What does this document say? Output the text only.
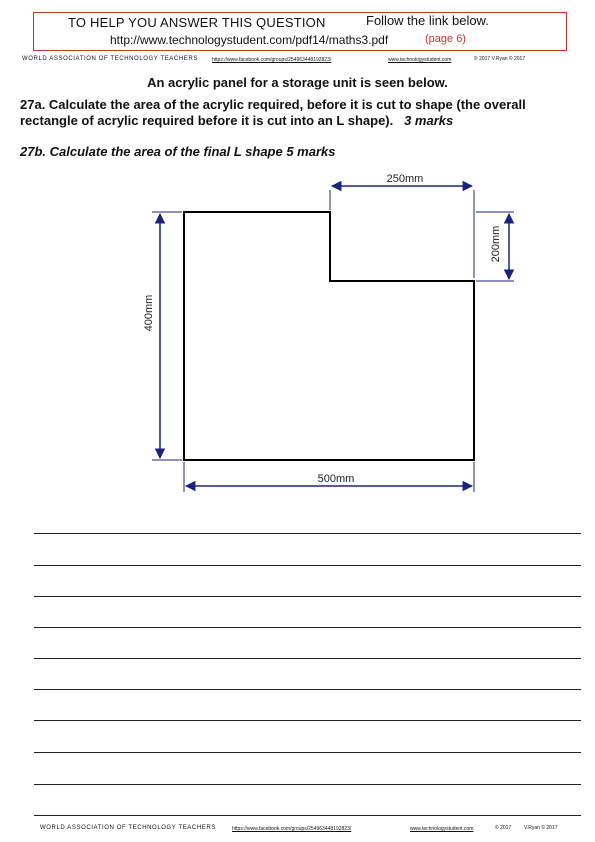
TO HELP YOU ANSWER THIS QUESTION	Follow the link below.
http://www.technologystudent.com/pdf14/maths3.pdf	(page 6)
WORLD ASSOCIATION OF TECHNOLOGY TEACHERS	https://www.facebook.com/groups/254963448192823/	www.technologystudent.com	© 2017 V.Ryan © 2017
An acrylic panel for a storage unit is seen below.
27a. Calculate the area of the acrylic required, before it is cut to shape (the overall rectangle of acrylic required before it is cut into an L shape). 3 marks
27b. Calculate the area of the final L shape 5 marks
250mm
200mm
400mm
500mm
WORLD ASSOCIATION OF TECHNOLOGY TEACHERS	https://www.facebook.com/groups/254963448192823/	www.technologystudent.com	© 2017	V.Ryan © 2017
